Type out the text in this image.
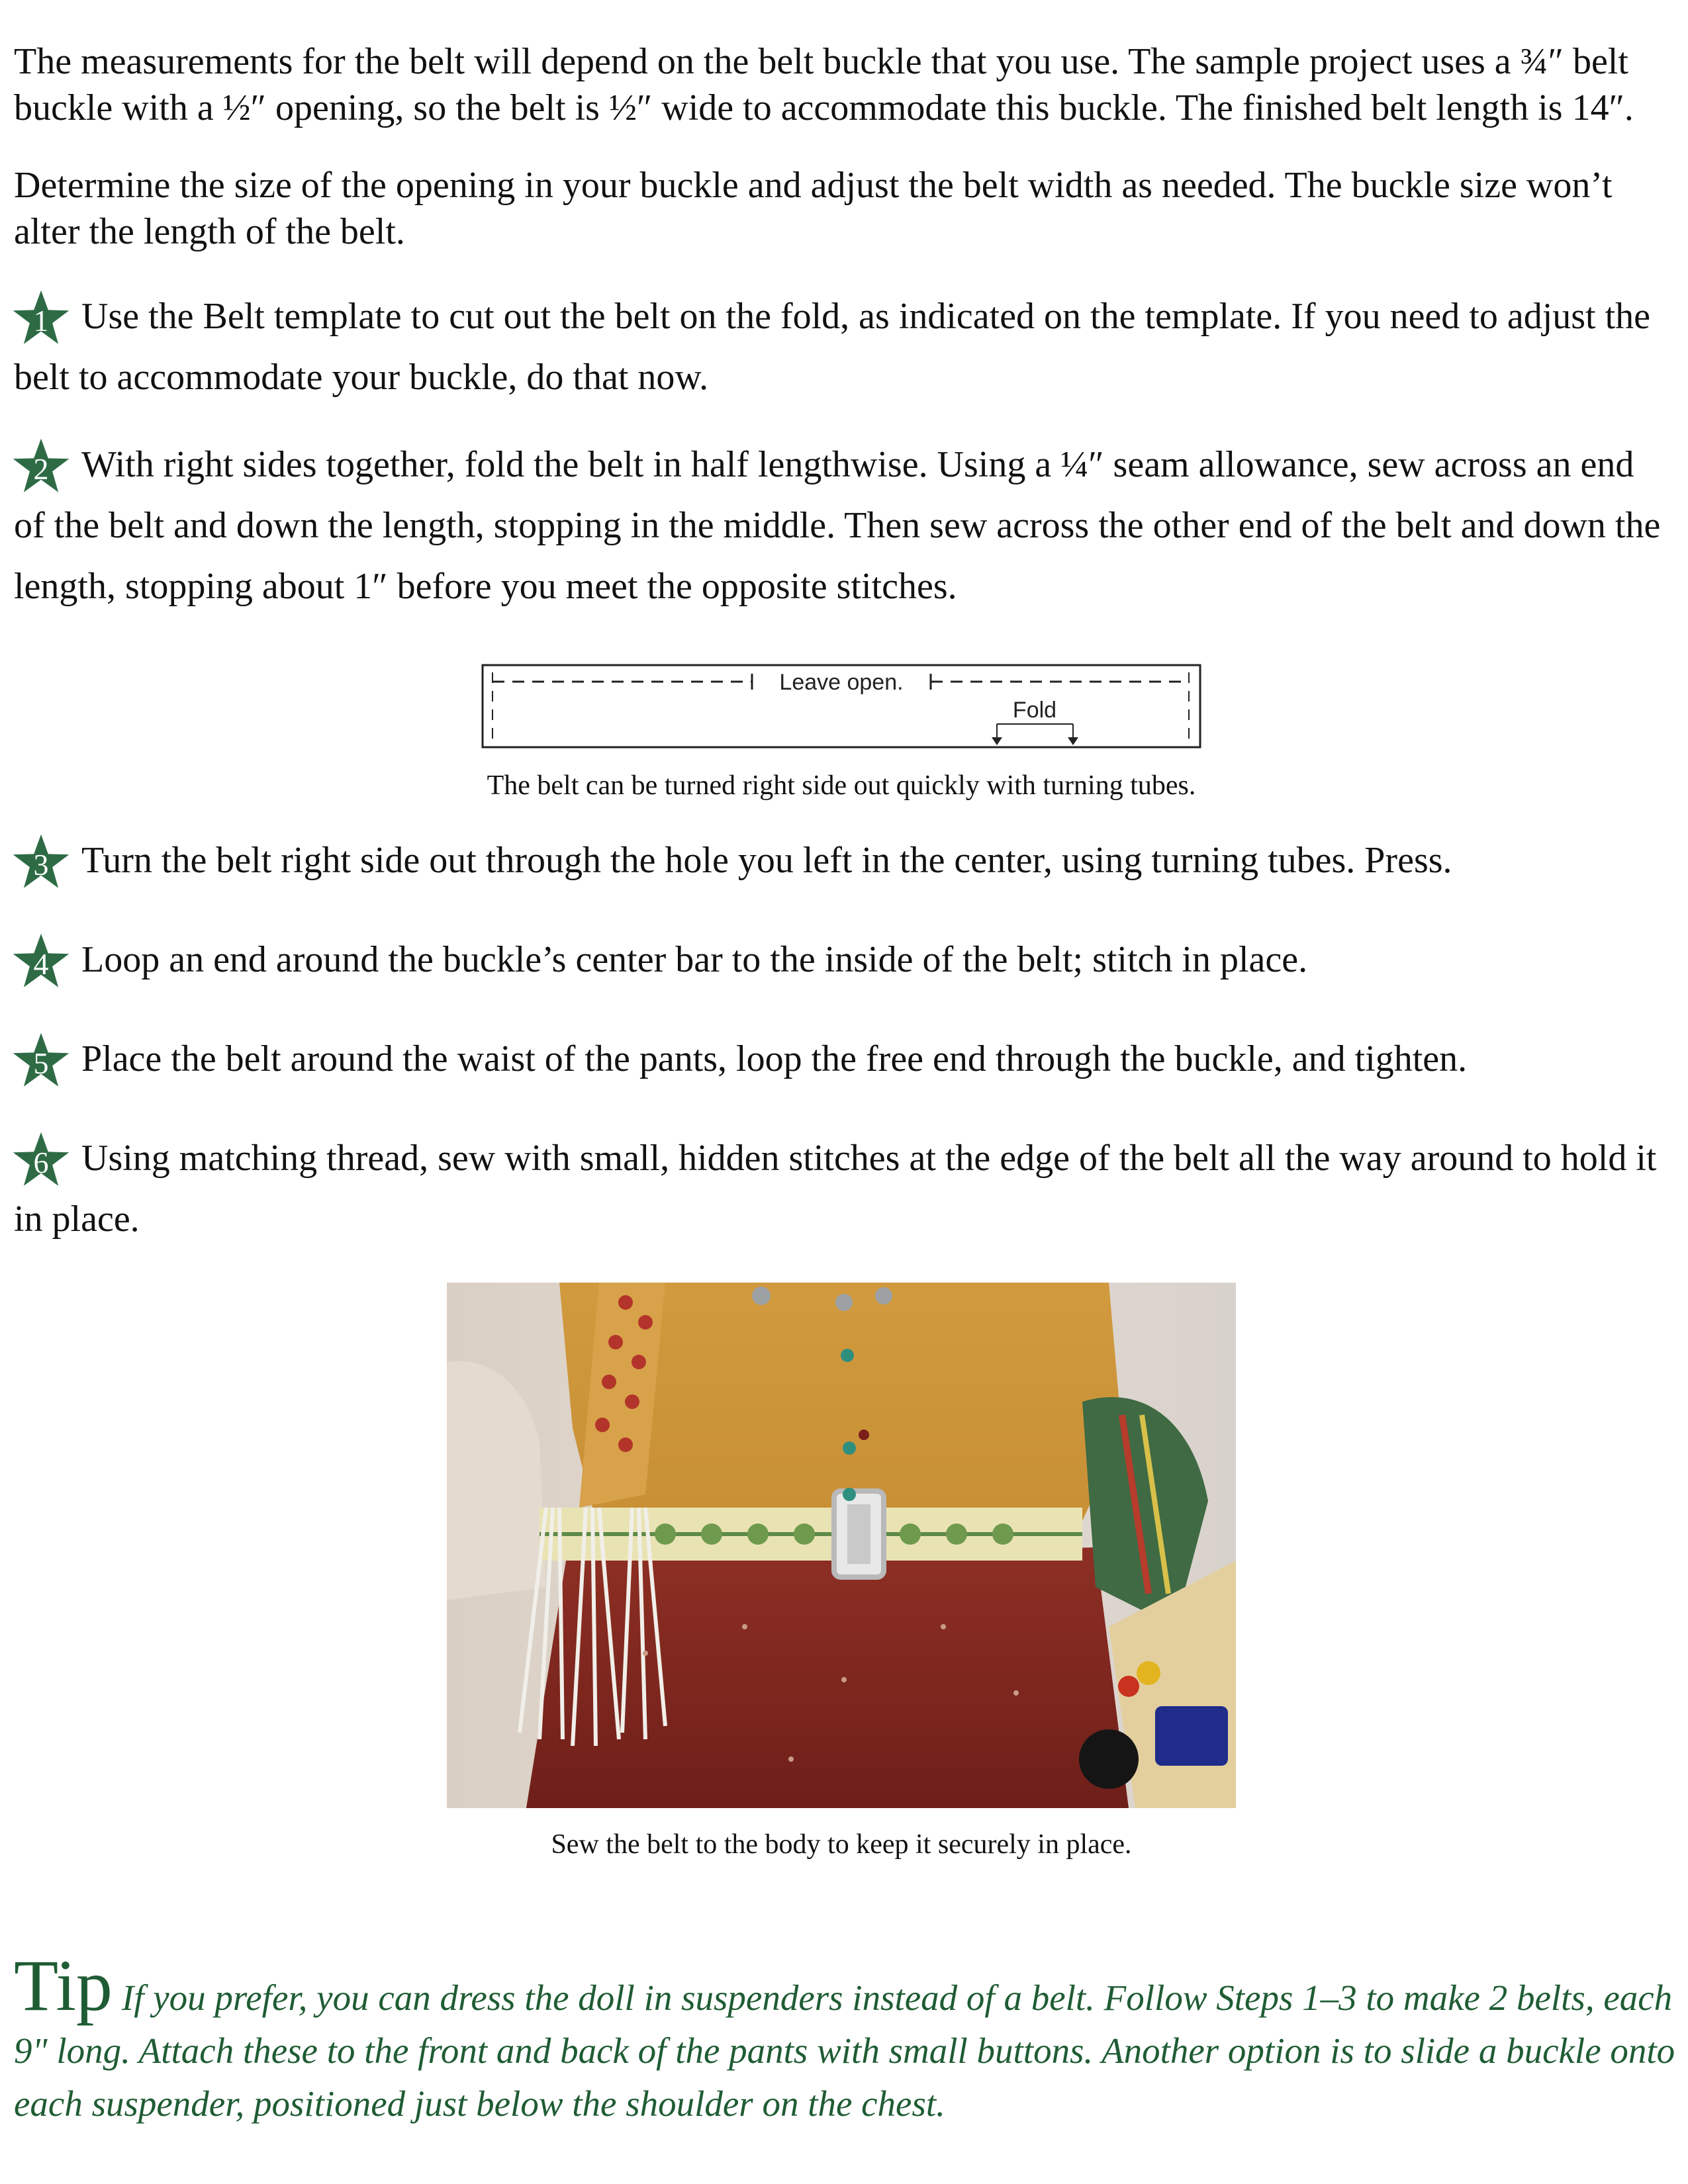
The measurements for the belt will depend on the belt buckle that you use. The sample project uses a ¾″ belt buckle with a ½″ opening, so the belt is ½″ wide to accommodate this buckle. The finished belt length is 14″.

Determine the size of the opening in your buckle and adjust the belt width as needed. The buckle size won’t alter the length of the belt.

1 Use the Belt template to cut out the belt on the fold, as indicated on the template. If you need to adjust the belt to accommodate your buckle, do that now.
2 With right sides together, fold the belt in half lengthwise. Using a ¼″ seam allowance, sew across an end of the belt and down the length, stopping in the middle. Then sew across the other end of the belt and down the length, stopping about 1″ before you meet the opposite stitches.
Leave open.
Fold
The belt can be turned right side out quickly with turning tubes.
3 Turn the belt right side out through the hole you left in the center, using turning tubes. Press.
4 Loop an end around the buckle’s center bar to the inside of the belt; stitch in place.
5 Place the belt around the waist of the pants, loop the free end through the buckle, and tighten.
6 Using matching thread, sew with small, hidden stitches at the edge of the belt all the way around to hold it in place.
Sew the belt to the body to keep it securely in place.
Tip If you prefer, you can dress the doll in suspenders instead of a belt. Follow Steps 1–3 to make 2 belts, each 9" long. Attach these to the front and back of the pants with small buttons. Another option is to slide a buckle onto each suspender, positioned just below the shoulder on the chest.
